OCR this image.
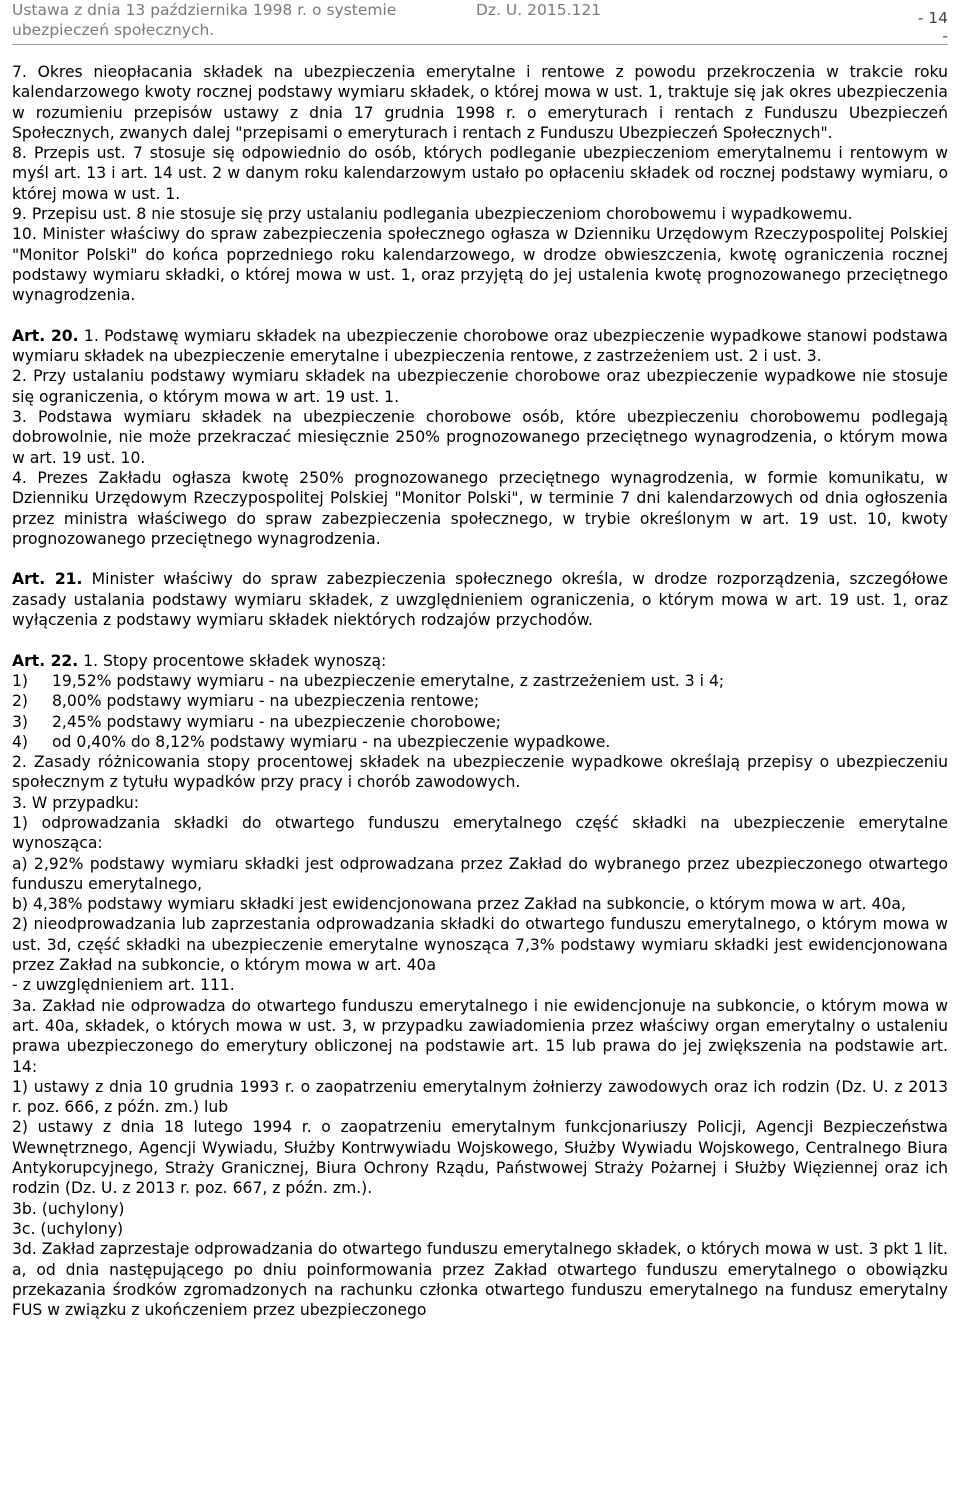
Ustawa z dnia 13 października 1998 r. o systemie
ubezpieczeń społecznych.
Dz. U. 2015.121	- 14
-

7. Okres nieopłacania składek na ubezpieczenia emerytalne i rentowe z powodu przekroczenia w trakcie roku kalendarzowego kwoty rocznej podstawy wymiaru składek, o której mowa w ust. 1, traktuje się jak okres ubezpieczenia w rozumieniu przepisów ustawy z dnia 17 grudnia 1998 r. o emeryturach i rentach z Funduszu Ubezpieczeń Społecznych, zwanych dalej "przepisami o emeryturach i rentach z Funduszu Ubezpieczeń Społecznych".

8. Przepis ust. 7 stosuje się odpowiednio do osób, których podleganie ubezpieczeniom emerytalnemu i rentowym w myśl art. 13 i art. 14 ust. 2 w danym roku kalendarzowym ustało po opłaceniu składek od rocznej podstawy wymiaru, o której mowa w ust. 1.

9. Przepisu ust. 8 nie stosuje się przy ustalaniu podlegania ubezpieczeniom chorobowemu i wypadkowemu.

10. Minister właściwy do spraw zabezpieczenia społecznego ogłasza w Dzienniku Urzędowym Rzeczypospolitej Polskiej "Monitor Polski" do końca poprzedniego roku kalendarzowego, w drodze obwieszczenia, kwotę ograniczenia rocznej podstawy wymiaru składki, o której mowa w ust. 1, oraz przyjętą do jej ustalenia kwotę prognozowanego przeciętnego wynagrodzenia.

Art. 20. 1. Podstawę wymiaru składek na ubezpieczenie chorobowe oraz ubezpieczenie wypadkowe stanowi podstawa wymiaru składek na ubezpieczenie emerytalne i ubezpieczenia rentowe, z zastrzeżeniem ust. 2 i ust. 3.

2. Przy ustalaniu podstawy wymiaru składek na ubezpieczenie chorobowe oraz ubezpieczenie wypadkowe nie stosuje się ograniczenia, o którym mowa w art. 19 ust. 1.

3. Podstawa wymiaru składek na ubezpieczenie chorobowe osób, które ubezpieczeniu chorobowemu podlegają dobrowolnie, nie może przekraczać miesięcznie 250% prognozowanego przeciętnego wynagrodzenia, o którym mowa w art. 19 ust. 10.

4. Prezes Zakładu ogłasza kwotę 250% prognozowanego przeciętnego wynagrodzenia, w formie komunikatu, w Dzienniku Urzędowym Rzeczypospolitej Polskiej "Monitor Polski", w terminie 7 dni kalendarzowych od dnia ogłoszenia przez ministra właściwego do spraw zabezpieczenia społecznego, w trybie określonym w art. 19 ust. 10, kwoty prognozowanego przeciętnego wynagrodzenia.

Art. 21. Minister właściwy do spraw zabezpieczenia społecznego określa, w drodze rozporządzenia, szczegółowe zasady ustalania podstawy wymiaru składek, z uwzględnieniem ograniczenia, o którym mowa w art. 19 ust. 1, oraz wyłączenia z podstawy wymiaru składek niektórych rodzajów przychodów.

Art. 22. 1. Stopy procentowe składek wynoszą:

1)	19,52% podstawy wymiaru - na ubezpieczenie emerytalne, z zastrzeżeniem ust. 3 i 4;
2)	8,00% podstawy wymiaru - na ubezpieczenia rentowe;
3)	2,45% podstawy wymiaru - na ubezpieczenie chorobowe;
4)	od 0,40% do 8,12% podstawy wymiaru - na ubezpieczenie wypadkowe.

2. Zasady różnicowania stopy procentowej składek na ubezpieczenie wypadkowe określają przepisy o ubezpieczeniu społecznym z tytułu wypadków przy pracy i chorób zawodowych.

3. W przypadku:

1) odprowadzania składki do otwartego funduszu emerytalnego część składki na ubezpieczenie emerytalne wynosząca:

a) 2,92% podstawy wymiaru składki jest odprowadzana przez Zakład do wybranego przez ubezpieczonego otwartego funduszu emerytalnego,

b) 4,38% podstawy wymiaru składki jest ewidencjonowana przez Zakład na subkoncie, o którym mowa w art. 40a,

2) nieodprowadzania lub zaprzestania odprowadzania składki do otwartego funduszu emerytalnego, o którym mowa w ust. 3d, część składki na ubezpieczenie emerytalne wynosząca 7,3% podstawy wymiaru składki jest ewidencjonowana przez Zakład na subkoncie, o którym mowa w art. 40a

- z uwzględnieniem art. 111.

3a. Zakład nie odprowadza do otwartego funduszu emerytalnego i nie ewidencjonuje na subkoncie, o którym mowa w art. 40a, składek, o których mowa w ust. 3, w przypadku zawiadomienia przez właściwy organ emerytalny o ustaleniu prawa ubezpieczonego do emerytury obliczonej na podstawie art. 15 lub prawa do jej zwiększenia na podstawie art. 14:

1) ustawy z dnia 10 grudnia 1993 r. o zaopatrzeniu emerytalnym żołnierzy zawodowych oraz ich rodzin (Dz. U. z 2013 r. poz. 666, z późn. zm.) lub

2) ustawy z dnia 18 lutego 1994 r. o zaopatrzeniu emerytalnym funkcjonariuszy Policji, Agencji Bezpieczeństwa Wewnętrznego, Agencji Wywiadu, Służby Kontrwywiadu Wojskowego, Służby Wywiadu Wojskowego, Centralnego Biura Antykorupcyjnego, Straży Granicznej, Biura Ochrony Rządu, Państwowej Straży Pożarnej i Służby Więziennej oraz ich rodzin (Dz. U. z 2013 r. poz. 667, z późn. zm.).

3b. (uchylony)

3c. (uchylony)

3d. Zakład zaprzestaje odprowadzania do otwartego funduszu emerytalnego składek, o których mowa w ust. 3 pkt 1 lit. a, od dnia następującego po dniu poinformowania przez Zakład otwartego funduszu emerytalnego o obowiązku przekazania środków zgromadzonych na rachunku członka otwartego funduszu emerytalnego na fundusz emerytalny FUS w związku z ukończeniem przez ubezpieczonego
